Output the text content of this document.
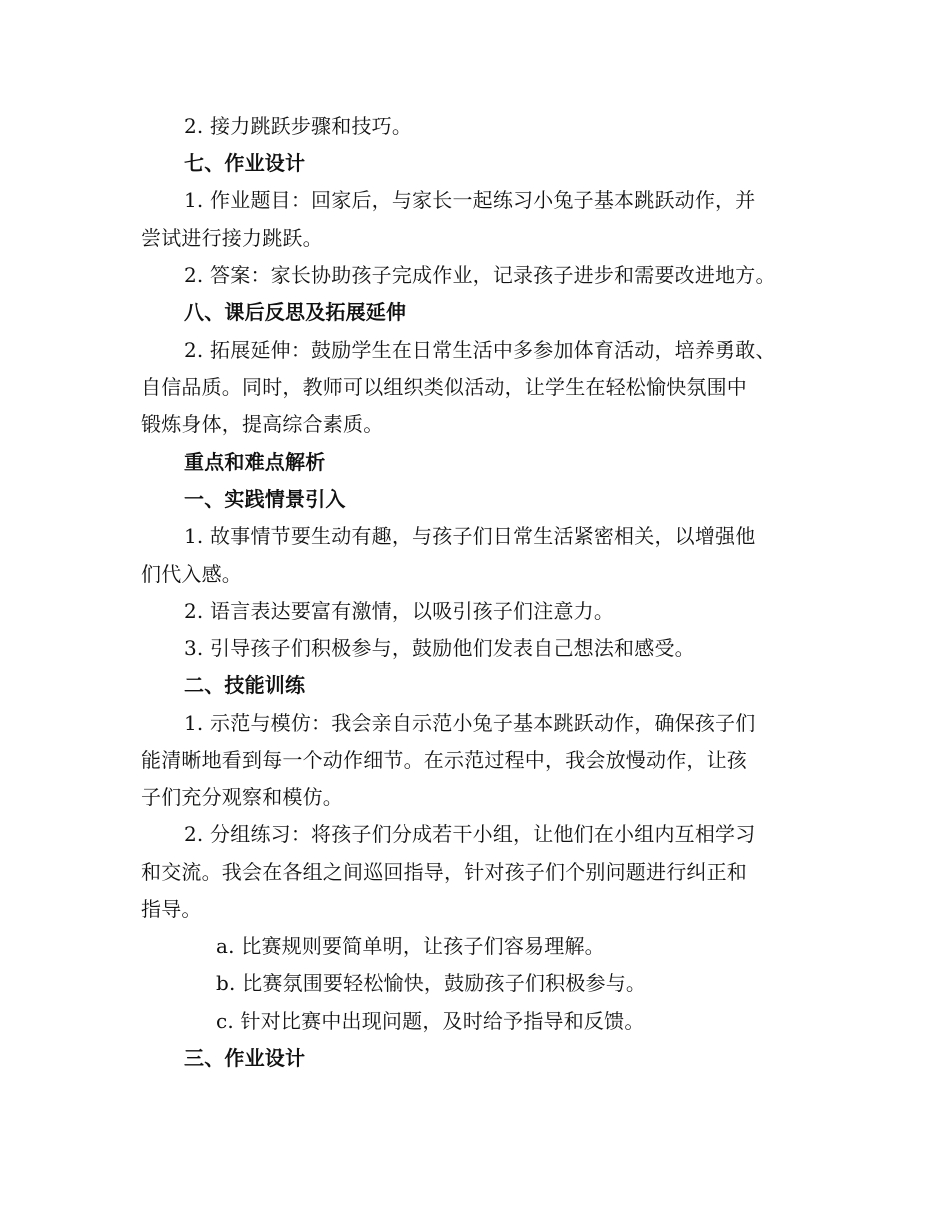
2. 接力跳跃步骤和技巧。
七、作业设计
1. 作业题目：回家后，与家长一起练习小兔子基本跳跃动作，并
尝试进行接力跳跃。
2. 答案：家长协助孩子完成作业，记录孩子进步和需要改进地方。
八、课后反思及拓展延伸
2. 拓展延伸：鼓励学生在日常生活中多参加体育活动，培养勇敢、
自信品质。同时，教师可以组织类似活动，让学生在轻松愉快氛围中
锻炼身体，提高综合素质。
重点和难点解析
一、实践情景引入
1. 故事情节要生动有趣，与孩子们日常生活紧密相关，以增强他
们代入感。
2. 语言表达要富有激情，以吸引孩子们注意力。
3. 引导孩子们积极参与，鼓励他们发表自己想法和感受。
二、技能训练
1. 示范与模仿：我会亲自示范小兔子基本跳跃动作，确保孩子们
能清晰地看到每一个动作细节。在示范过程中，我会放慢动作，让孩
子们充分观察和模仿。
2. 分组练习：将孩子们分成若干小组，让他们在小组内互相学习
和交流。我会在各组之间巡回指导，针对孩子们个别问题进行纠正和
指导。
a. 比赛规则要简单明，让孩子们容易理解。
b. 比赛氛围要轻松愉快，鼓励孩子们积极参与。
c. 针对比赛中出现问题，及时给予指导和反馈。
三、作业设计
